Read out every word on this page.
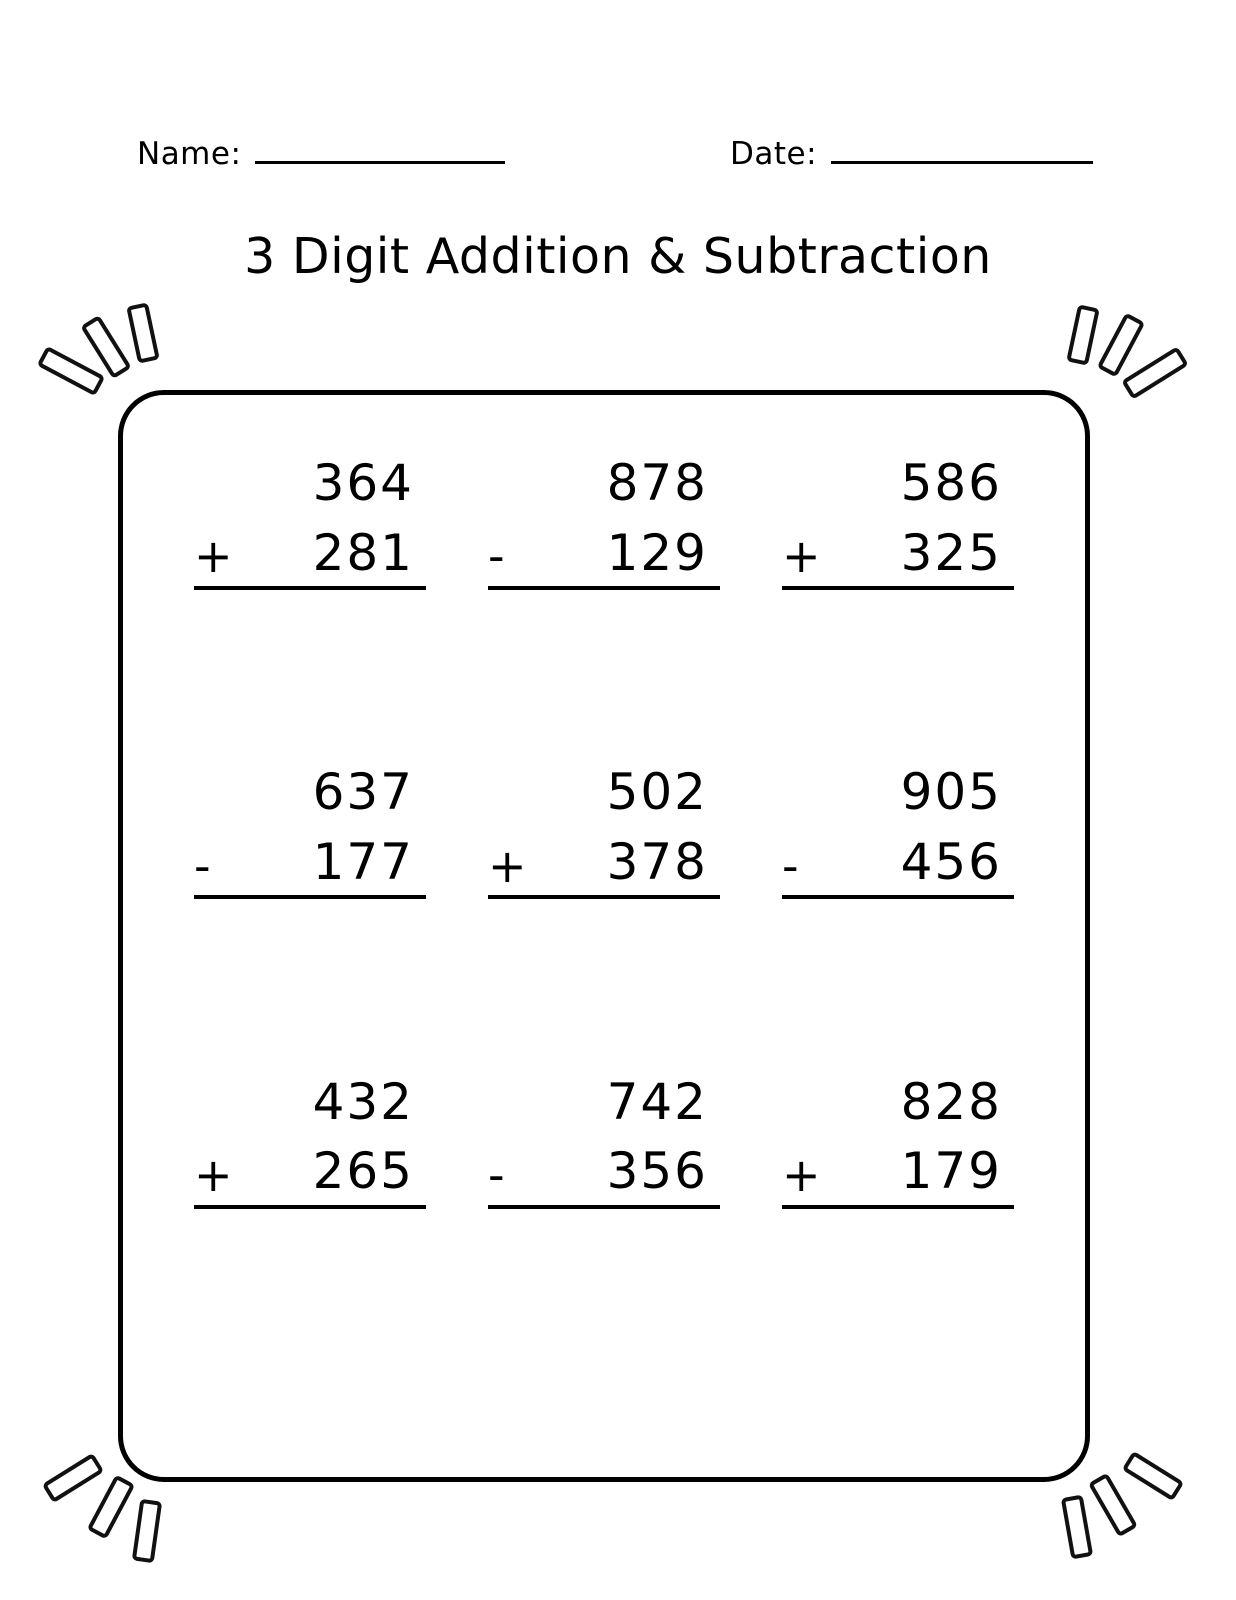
Name:	Date:
3 Digit Addition & Subtraction
364
+	281
878
-	129
586
+	325
637
-	177
502
+	378
905
-	456
432
+	265
742
-	356
828
+	179
